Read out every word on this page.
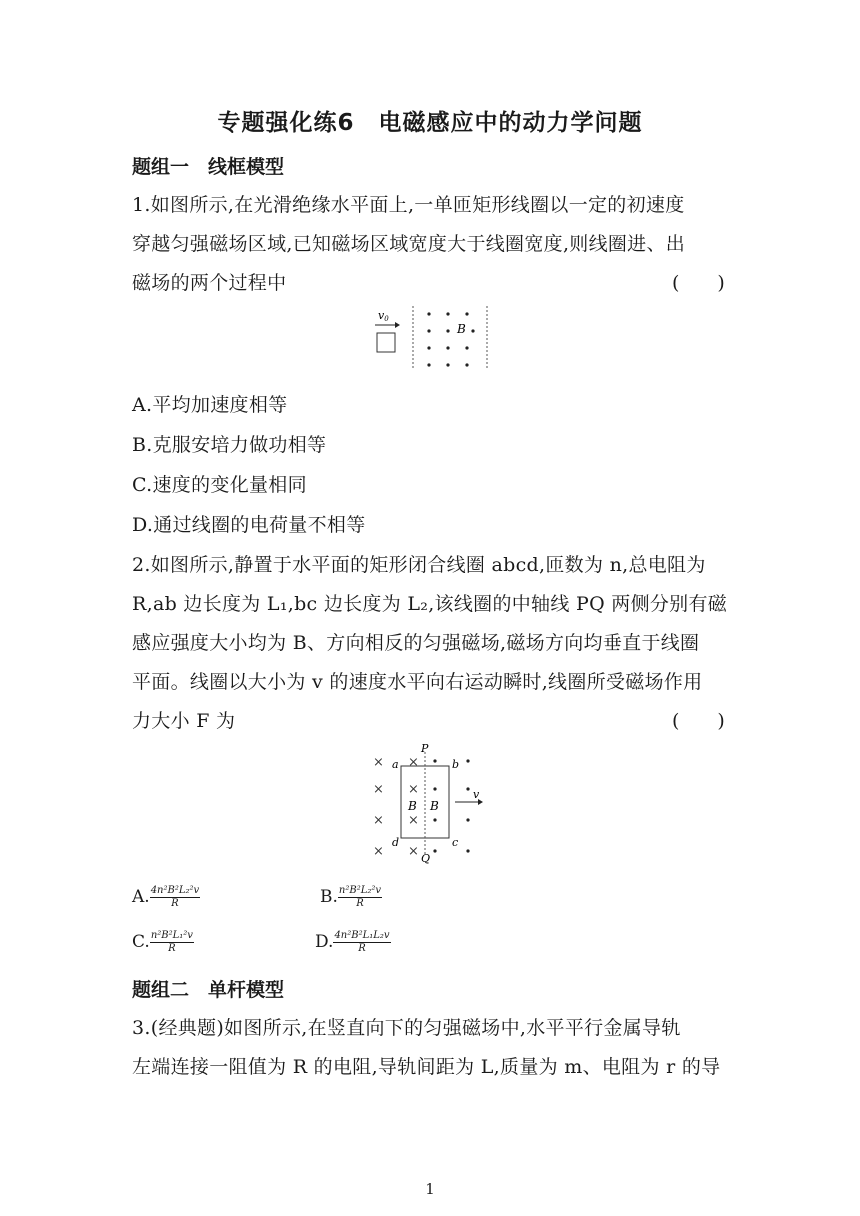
专题强化练6　电磁感应中的动力学问题
题组一　线框模型
1.如图所示,在光滑绝缘水平面上,一单匝矩形线圈以一定的初速度
穿越匀强磁场区域,已知磁场区域宽度大于线圈宽度,则线圈进、出
磁场的两个过程中	(　　)
v0
B
A.平均加速度相等
B.克服安培力做功相等
C.速度的变化量相同
D.通过线圈的电荷量不相等
2.如图所示,静置于水平面的矩形闭合线圈 abcd,匝数为 n,总电阻为
R,ab 边长度为 L₁,bc 边长度为 L₂,该线圈的中轴线 PQ 两侧分别有磁
感应强度大小均为 B、方向相反的匀强磁场,磁场方向均垂直于线圈
平面。线圈以大小为 v 的速度水平向右运动瞬时,线圈所受磁场作用
力大小 F 为	(　　)
×
×
×
×
×
×
×
×
P
Q
a	b
c
d
B B
v
A. $\frac{\text{4n²B²L₂²v}}{R}$	B. $\frac{\text{n²B²L₂²v}}{R}$
C. $\frac{\text{n²B²L₁²v}}{R}$	D. $\frac{\text{4n²B²L₁L₂v}}{R}$
题组二　单杆模型
3.(经典题)如图所示,在竖直向下的匀强磁场中,水平平行金属导轨
左端连接一阻值为 R 的电阻,导轨间距为 L,质量为 m、电阻为 r 的导
1
